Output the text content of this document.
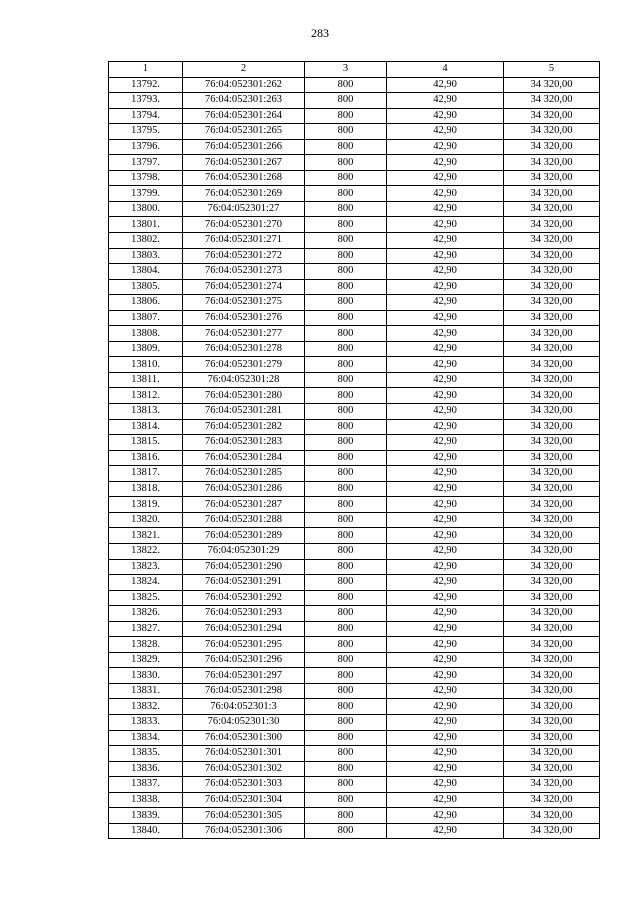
283
1	2	3	4	5
13792.	76:04:052301:262	800	42,90	34 320,00
13793.	76:04:052301:263	800	42,90	34 320,00
13794.	76:04:052301:264	800	42,90	34 320,00
13795.	76:04:052301:265	800	42,90	34 320,00
13796.	76:04:052301:266	800	42,90	34 320,00
13797.	76:04:052301:267	800	42,90	34 320,00
13798.	76:04:052301:268	800	42,90	34 320,00
13799.	76:04:052301:269	800	42,90	34 320,00
13800.	76:04:052301:27	800	42,90	34 320,00
13801.	76:04:052301:270	800	42,90	34 320,00
13802.	76:04:052301:271	800	42,90	34 320,00
13803.	76:04:052301:272	800	42,90	34 320,00
13804.	76:04:052301:273	800	42,90	34 320,00
13805.	76:04:052301:274	800	42,90	34 320,00
13806.	76:04:052301:275	800	42,90	34 320,00
13807.	76:04:052301:276	800	42,90	34 320,00
13808.	76:04:052301:277	800	42,90	34 320,00
13809.	76:04:052301:278	800	42,90	34 320,00
13810.	76:04:052301:279	800	42,90	34 320,00
13811.	76:04:052301:28	800	42,90	34 320,00
13812.	76:04:052301:280	800	42,90	34 320,00
13813.	76:04:052301:281	800	42,90	34 320,00
13814.	76:04:052301:282	800	42,90	34 320,00
13815.	76:04:052301:283	800	42,90	34 320,00
13816.	76:04:052301:284	800	42,90	34 320,00
13817.	76:04:052301:285	800	42,90	34 320,00
13818.	76:04:052301:286	800	42,90	34 320,00
13819.	76:04:052301:287	800	42,90	34 320,00
13820.	76:04:052301:288	800	42,90	34 320,00
13821.	76:04:052301:289	800	42,90	34 320,00
13822.	76:04:052301:29	800	42,90	34 320,00
13823.	76:04:052301:290	800	42,90	34 320,00
13824.	76:04:052301:291	800	42,90	34 320,00
13825.	76:04:052301:292	800	42,90	34 320,00
13826.	76:04:052301:293	800	42,90	34 320,00
13827.	76:04:052301:294	800	42,90	34 320,00
13828.	76:04:052301:295	800	42,90	34 320,00
13829.	76:04:052301:296	800	42,90	34 320,00
13830.	76:04:052301:297	800	42,90	34 320,00
13831.	76:04:052301:298	800	42,90	34 320,00
13832.	76:04:052301:3	800	42,90	34 320,00
13833.	76:04:052301:30	800	42,90	34 320,00
13834.	76:04:052301:300	800	42,90	34 320,00
13835.	76:04:052301:301	800	42,90	34 320,00
13836.	76:04:052301:302	800	42,90	34 320,00
13837.	76:04:052301:303	800	42,90	34 320,00
13838.	76:04:052301:304	800	42,90	34 320,00
13839.	76:04:052301:305	800	42,90	34 320,00
13840.	76:04:052301:306	800	42,90	34 320,00
